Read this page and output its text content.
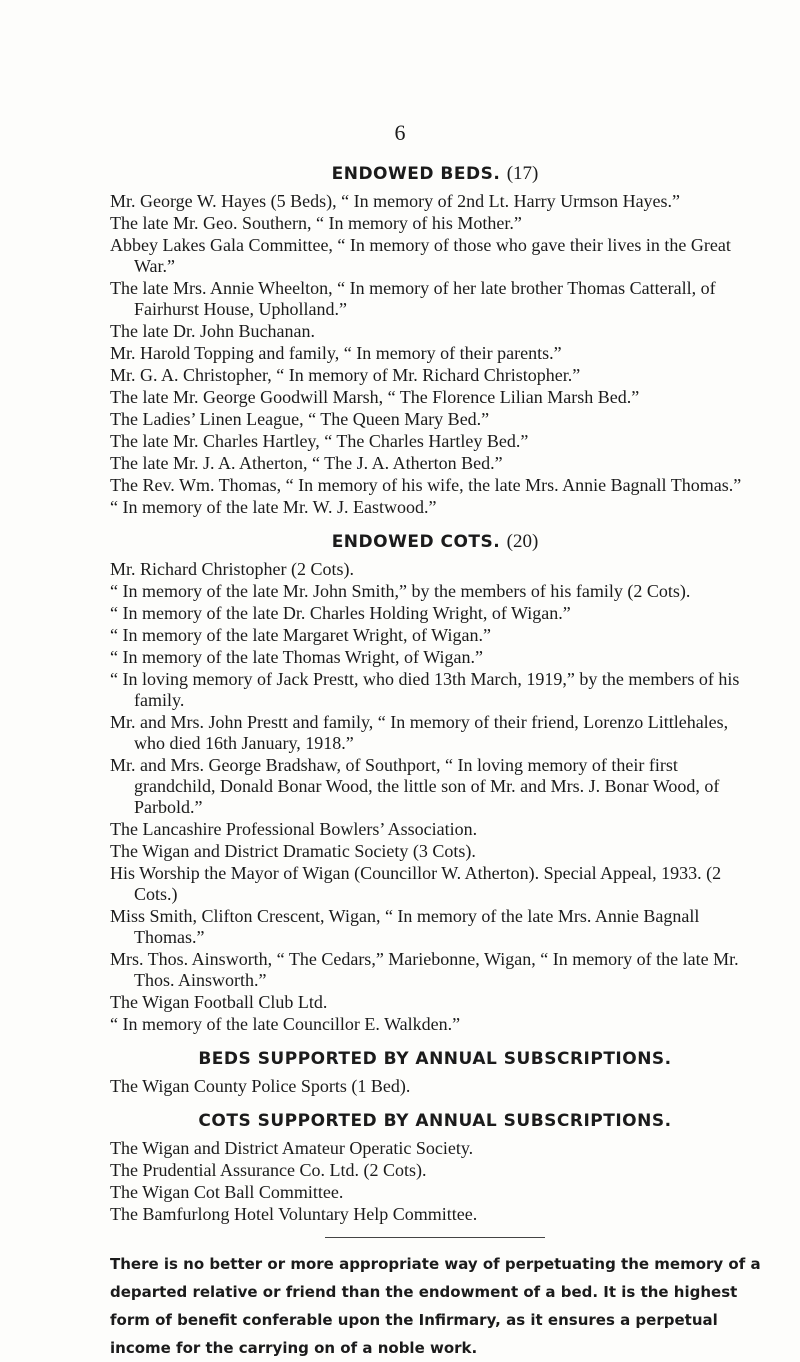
6
ENDOWED BEDS. (17)
Mr. George W. Hayes (5 Beds), “ In memory of 2nd Lt. Harry Urmson Hayes.”
The late Mr. Geo. Southern, “ In memory of his Mother.”
Abbey Lakes Gala Committee, “ In memory of those who gave their lives in the Great War.”
The late Mrs. Annie Wheelton, “ In memory of her late brother Thomas Catterall, of Fairhurst House, Upholland.”
The late Dr. John Buchanan.
Mr. Harold Topping and family, “ In memory of their parents.”
Mr. G. A. Christopher, “ In memory of Mr. Richard Christopher.”
The late Mr. George Goodwill Marsh, “ The Florence Lilian Marsh Bed.”
The Ladies’ Linen League, “ The Queen Mary Bed.”
The late Mr. Charles Hartley, “ The Charles Hartley Bed.”
The late Mr. J. A. Atherton, “ The J. A. Atherton Bed.”
The Rev. Wm. Thomas, “ In memory of his wife, the late Mrs. Annie Bagnall Thomas.”
“ In memory of the late Mr. W. J. Eastwood.”
ENDOWED COTS. (20)
Mr. Richard Christopher (2 Cots).
“ In memory of the late Mr. John Smith,” by the members of his family (2 Cots).
“ In memory of the late Dr. Charles Holding Wright, of Wigan.”
“ In memory of the late Margaret Wright, of Wigan.”
“ In memory of the late Thomas Wright, of Wigan.”
“ In loving memory of Jack Prestt, who died 13th March, 1919,” by the members of his family.
Mr. and Mrs. John Prestt and family, “ In memory of their friend, Lorenzo Littlehales, who died 16th January, 1918.”
Mr. and Mrs. George Bradshaw, of Southport, “ In loving memory of their first grandchild, Donald Bonar Wood, the little son of Mr. and Mrs. J. Bonar Wood, of Parbold.”
The Lancashire Professional Bowlers’ Association.
The Wigan and District Dramatic Society (3 Cots).
His Worship the Mayor of Wigan (Councillor W. Atherton). Special Appeal, 1933. (2 Cots.)
Miss Smith, Clifton Crescent, Wigan, “ In memory of the late Mrs. Annie Bagnall Thomas.”
Mrs. Thos. Ainsworth, “ The Cedars,” Mariebonne, Wigan, “ In memory of the late Mr. Thos. Ainsworth.”
The Wigan Football Club Ltd.
“ In memory of the late Councillor E. Walkden.”
BEDS SUPPORTED BY ANNUAL SUBSCRIPTIONS.
The Wigan County Police Sports (1 Bed).
COTS SUPPORTED BY ANNUAL SUBSCRIPTIONS.
The Wigan and District Amateur Operatic Society.
The Prudential Assurance Co. Ltd. (2 Cots).
The Wigan Cot Ball Committee.
The Bamfurlong Hotel Voluntary Help Committee.
There is no better or more appropriate way of perpetuating the memory of a departed relative or friend than the endowment of a bed. It is the highest form of benefit conferable upon the Infirmary, as it ensures a perpetual income for the carrying on of a noble work.
